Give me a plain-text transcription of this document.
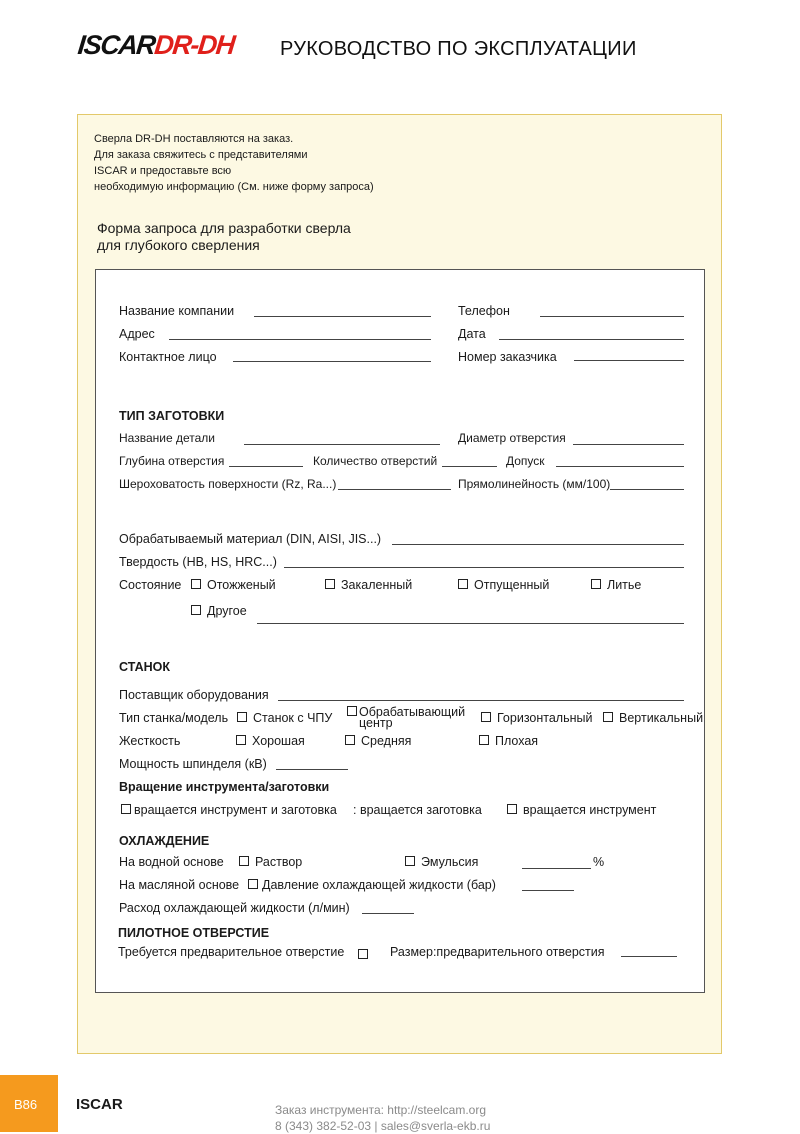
ISCARDR-DH РУКОВОДСТВО ПО ЭКСПЛУАТАЦИИ
Сверла DR-DH поставляются на заказ.
Для заказа свяжитесь с представителями
ISCAR и предоставьте всю
необходимую информацию (См. ниже форму запроса)
Форма запроса для разработки сверла
для глубокого сверления
Название компании	Телефон
Адрес	Дата
Контактное лицо	Номер заказчика
ТИП ЗАГОТОВКИ
Название детали	Диаметр отверстия
Глубина отверстия	Количество отверстий	Допуск
Шероховатость поверхности (Rz, Ra...)	Прямолинейность (мм/100)
Обрабатываемый материал (DIN, AISI, JIS...)
Твердость (HB, HS, HRC...)
Состояние	Отожженый	Закаленный	Отпущенный	Литье
Другое
СТАНОК
Поставщик оборудования
Тип станка/модель	Станок с ЧПУ	Обрабатывающий
центр	Горизонтальный	Вертикальный
Жесткость	Хорошая	Средняя	Плохая
Мощность шпинделя (кВ)
Вращение инструмента/заготовки
вращается инструмент и заготовка : вращается заготовка	вращается инструмент
ОХЛАЖДЕНИЕ
На водной основе	Раствор	Эмульсия	%
На масляной основе	Давление охлаждающей жидкости (бар)
Расход охлаждающей жидкости (л/мин)
ПИЛОТНОЕ ОТВЕРСТИЕ
Требуется предварительное отверстие	Размер:предварительного отверстия
B86	ISCAR	Заказ инструмента: http://steelcam.org
8 (343) 382-52-03 | sales@sverla-ekb.ru
